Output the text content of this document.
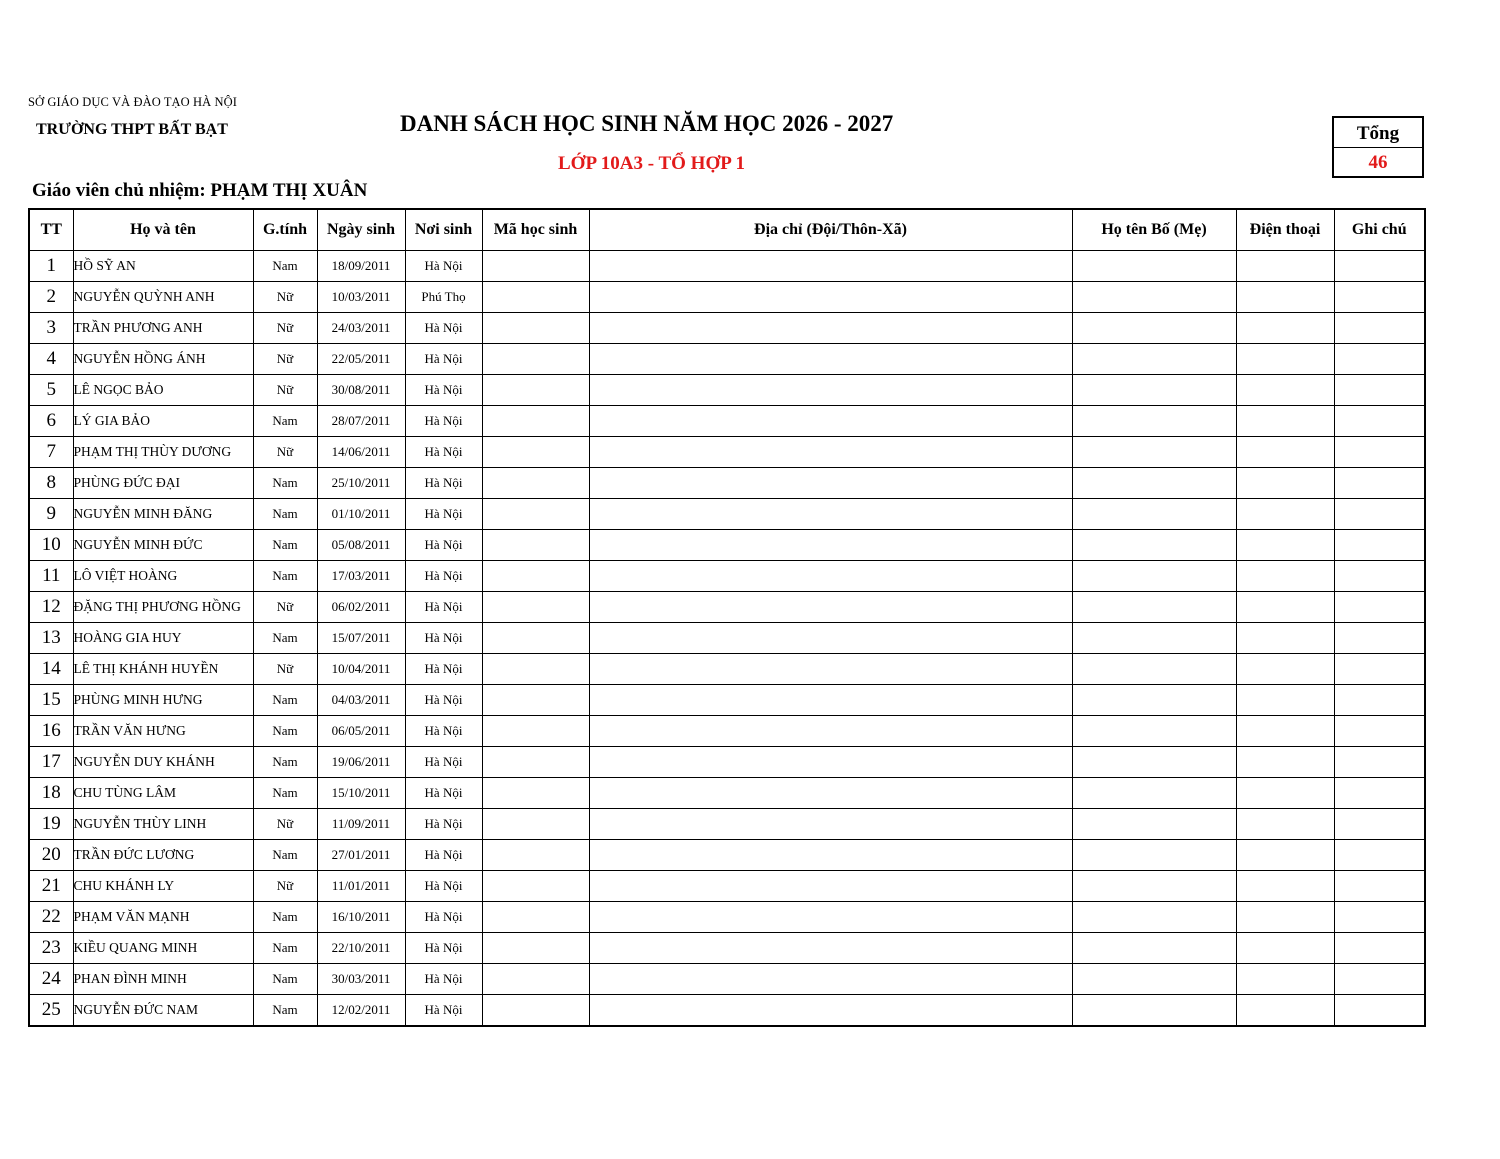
SỞ GIÁO DỤC VÀ ĐÀO TẠO HÀ NỘI
TRƯỜNG THPT BẤT BẠT	DANH SÁCH HỌC SINH NĂM HỌC 2026 - 2027
LỚP 10A3 - TỔ HỢP 1
Tổng
46
Giáo viên chủ nhiệm: PHẠM THỊ XUÂN
TT	Họ và tên	G.tính	Ngày sinh	Nơi sinh	Mã học sinh	Địa chỉ (Đội/Thôn-Xã)	Họ tên Bố (Mẹ)	Điện thoại	Ghi chú
1	HỒ SỸ AN	Nam	18/09/2011	Hà Nội					
2	NGUYỄN QUỲNH ANH	Nữ	10/03/2011	Phú Thọ					
3	TRẦN PHƯƠNG ANH	Nữ	24/03/2011	Hà Nội					
4	NGUYỄN HỒNG ÁNH	Nữ	22/05/2011	Hà Nội					
5	LÊ NGỌC BẢO	Nữ	30/08/2011	Hà Nội					
6	LÝ GIA BẢO	Nam	28/07/2011	Hà Nội					
7	PHẠM THỊ THÙY DƯƠNG	Nữ	14/06/2011	Hà Nội					
8	PHÙNG ĐỨC ĐẠI	Nam	25/10/2011	Hà Nội					
9	NGUYỄN MINH ĐĂNG	Nam	01/10/2011	Hà Nội					
10	NGUYỄN MINH ĐỨC	Nam	05/08/2011	Hà Nội					
11	LÔ VIỆT HOÀNG	Nam	17/03/2011	Hà Nội					
12	ĐẶNG THỊ PHƯƠNG HỒNG	Nữ	06/02/2011	Hà Nội					
13	HOÀNG GIA HUY	Nam	15/07/2011	Hà Nội					
14	LÊ THỊ KHÁNH HUYỀN	Nữ	10/04/2011	Hà Nội					
15	PHÙNG MINH HƯNG	Nam	04/03/2011	Hà Nội					
16	TRẦN VĂN HƯNG	Nam	06/05/2011	Hà Nội					
17	NGUYỄN DUY KHÁNH	Nam	19/06/2011	Hà Nội					
18	CHU TÙNG LÂM	Nam	15/10/2011	Hà Nội					
19	NGUYỄN THÙY LINH	Nữ	11/09/2011	Hà Nội					
20	TRẦN ĐỨC LƯƠNG	Nam	27/01/2011	Hà Nội					
21	CHU KHÁNH LY	Nữ	11/01/2011	Hà Nội					
22	PHẠM VĂN MẠNH	Nam	16/10/2011	Hà Nội					
23	KIỀU QUANG MINH	Nam	22/10/2011	Hà Nội					
24	PHAN ĐÌNH MINH	Nam	30/03/2011	Hà Nội					
25	NGUYỄN ĐỨC NAM	Nam	12/02/2011	Hà Nội					
